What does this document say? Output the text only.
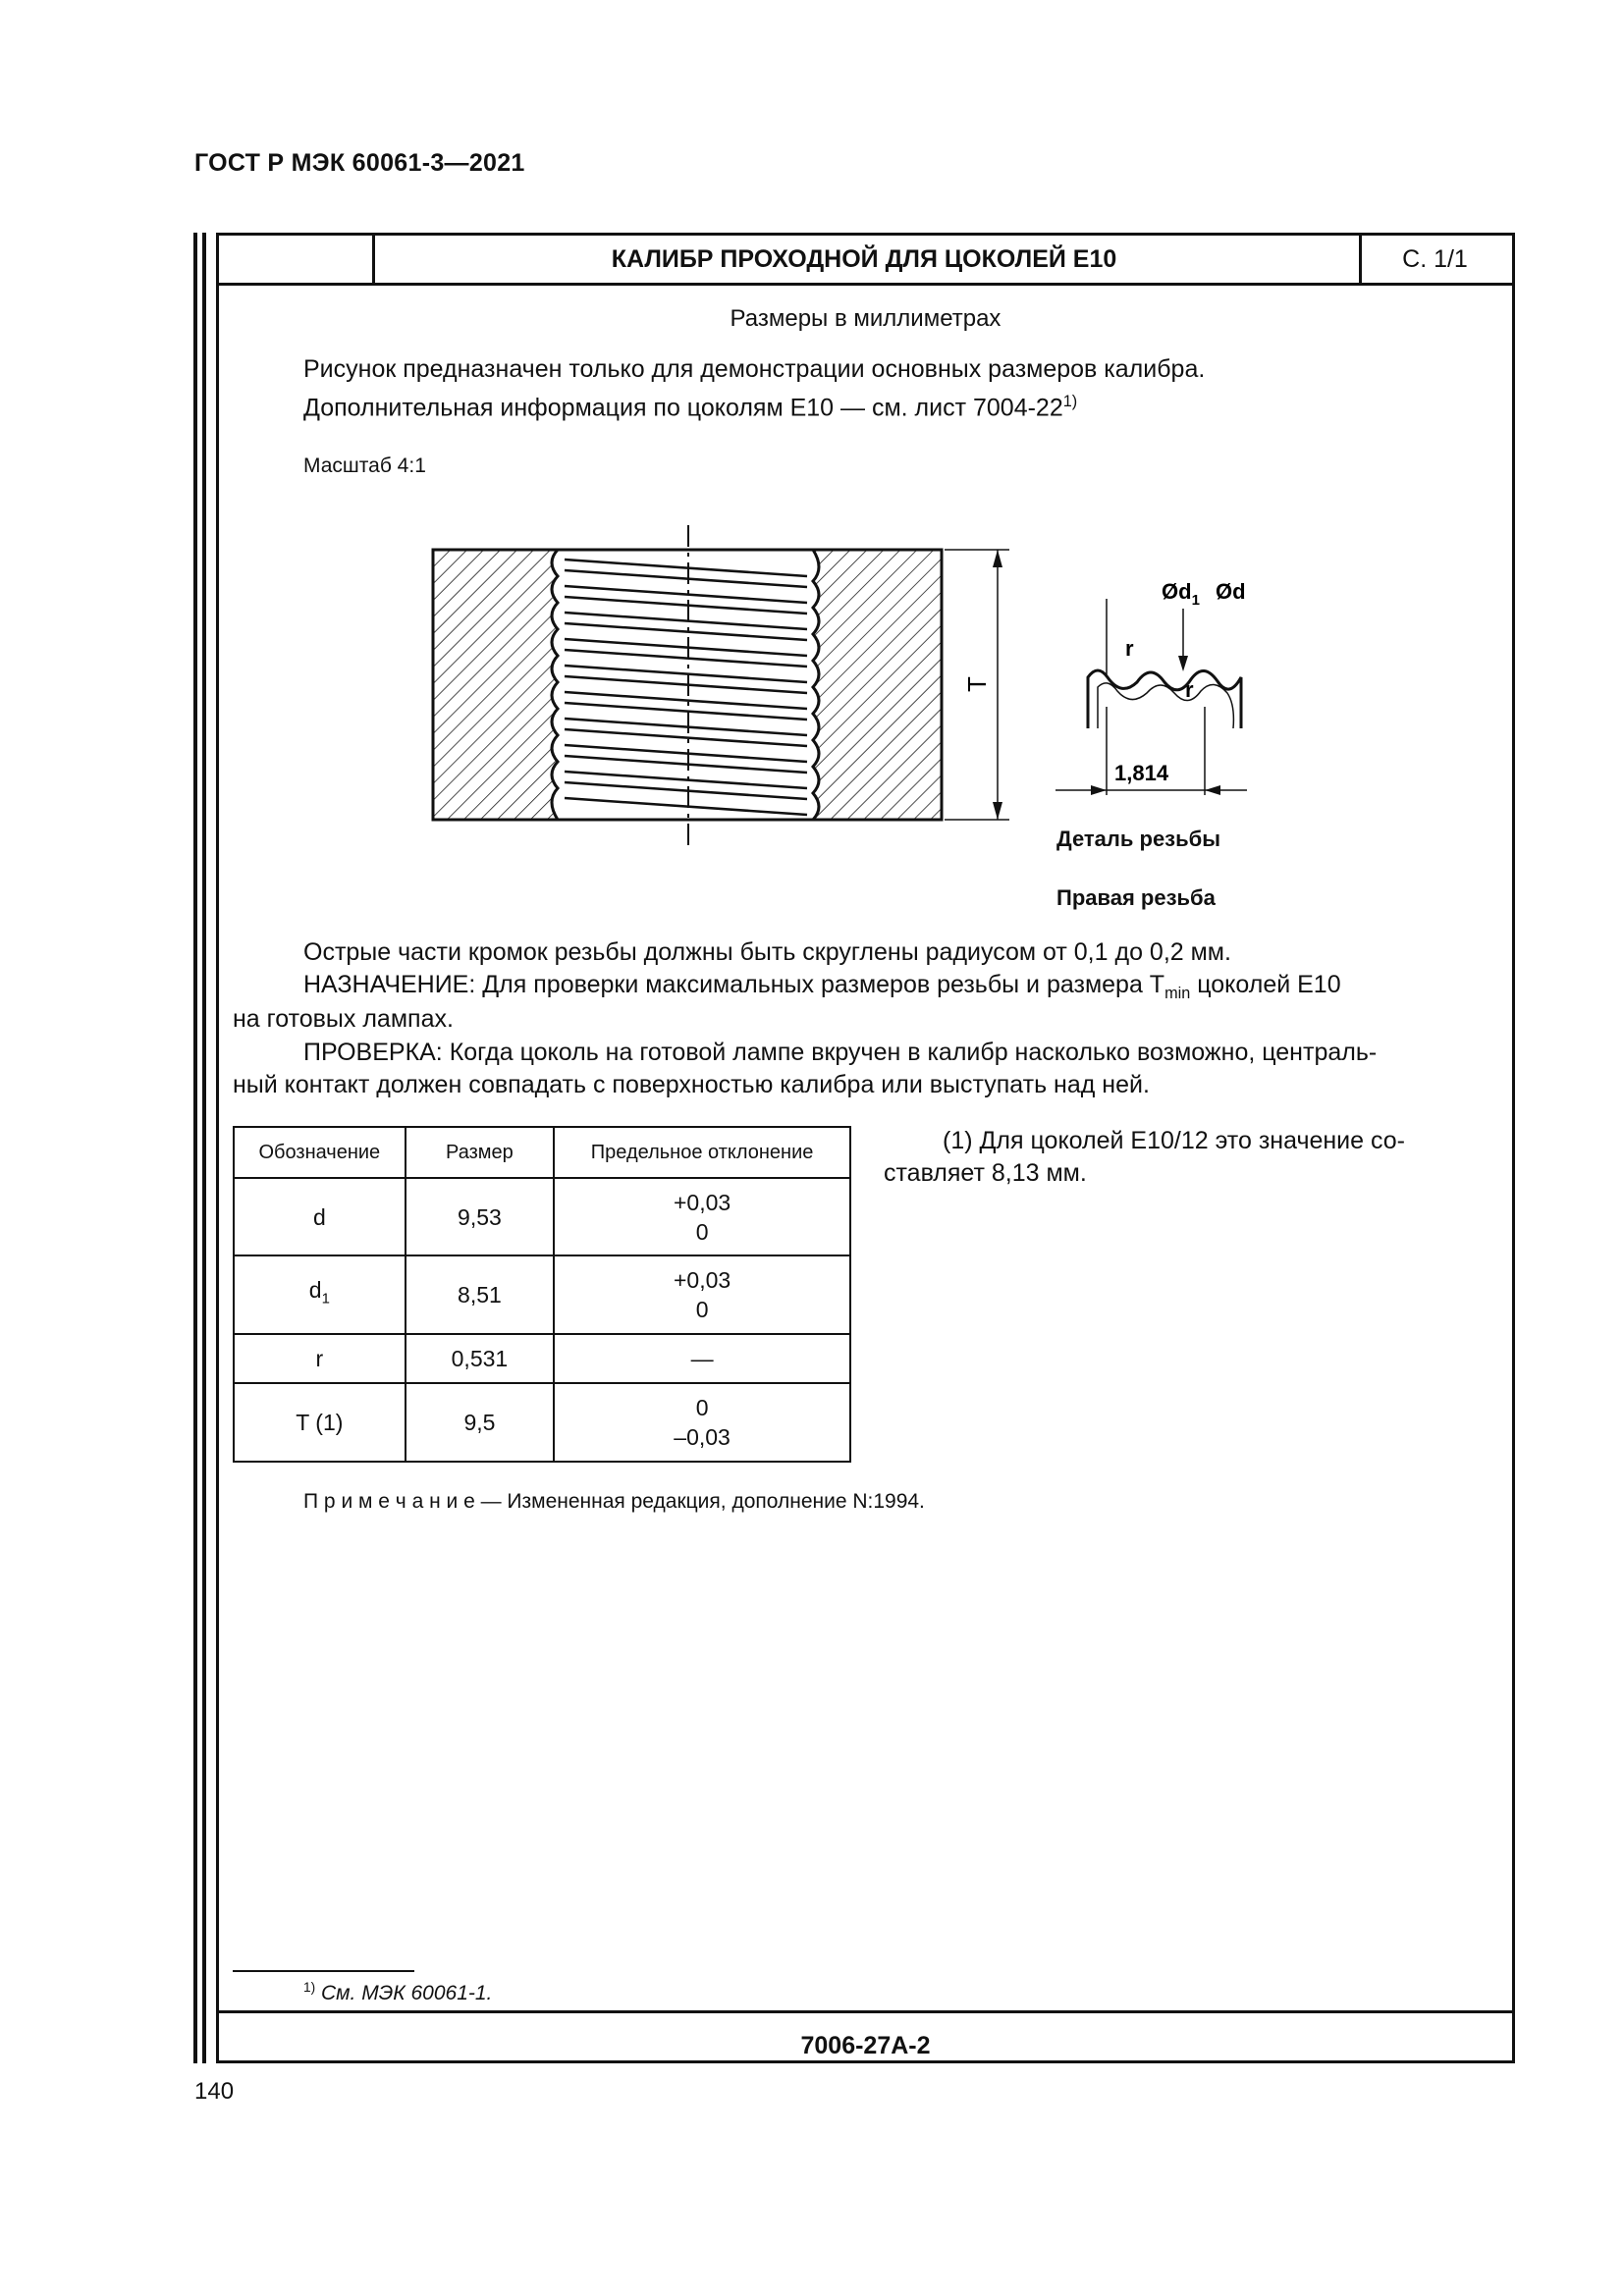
ГОСТ Р МЭК 60061-3—2021
КАЛИБР ПРОХОДНОЙ ДЛЯ ЦОКОЛЕЙ Е10	С. 1/1
Размеры в миллиметрах
Рисунок предназначен только для демонстрации основных размеров калибра.
Дополнительная информация по цоколям Е10 — см. лист 7004-22$^{1)}$
Масштаб 4:1
T
$Ød_1$ Ød
r
r
1,814
Деталь резьбы
Правая резьба
Острые части кромок резьбы должны быть скруглены радиусом от 0,1 до 0,2 мм.
НАЗНАЧЕНИЕ: Для проверки максимальных размеров резьбы и размера $T_{min}$ цоколей Е10
на готовых лампах.
ПРОВЕРКА: Когда цоколь на готовой лампе вкручен в калибр насколько возможно, централь-
ный контакт должен совпадать с поверхностью калибра или выступать над ней.
Обозначение	Размер	Предельное отклонение
d	9,53	+0,03
0

$d_1$	8,51	+0,03
0

r	0,531	—
T (1)	9,5	0
–0,03
(1) Для цоколей Е10/12 это значение со-
ставляет 8,13 мм.
П р и м е ч а н и е — Измененная редакция, дополнение N:1994.
$^{1)}$ См. МЭК 60061-1.
7006-27A-2
140
